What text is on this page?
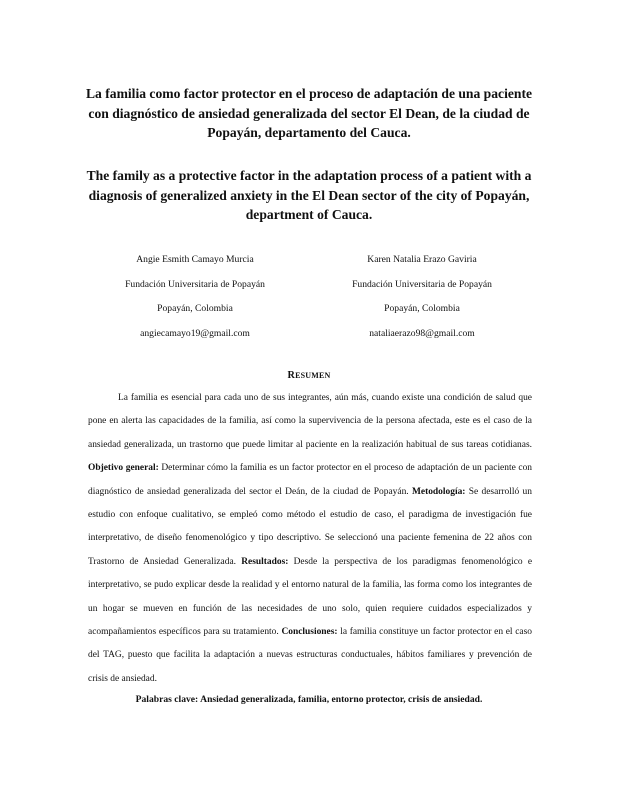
La familia como factor protector en el proceso de adaptación de una paciente con diagnóstico de ansiedad generalizada del sector El Dean, de la ciudad de Popayán, departamento del Cauca.
The family as a protective factor in the adaptation process of a patient with a diagnosis of generalized anxiety in the El Dean sector of the city of Popayán, department of Cauca.
Angie Esmith Camayo Murcia
Fundación Universitaria de Popayán
Popayán, Colombia
angiecamayo19@gmail.com
Karen Natalia Erazo Gaviria
Fundación Universitaria de Popayán
Popayán, Colombia
nataliaerazo98@gmail.com
RESUMEN

La familia es esencial para cada uno de sus integrantes, aún más, cuando existe una condición de salud que pone en alerta las capacidades de la familia, así como la supervivencia de la persona afectada, este es el caso de la ansiedad generalizada, un trastorno que puede limitar al paciente en la realización habitual de sus tareas cotidianas. Objetivo general: Determinar cómo la familia es un factor protector en el proceso de adaptación de un paciente con diagnóstico de ansiedad generalizada del sector el Deán, de la ciudad de Popayán. Metodología: Se desarrolló un estudio con enfoque cualitativo, se empleó como método el estudio de caso, el paradigma de investigación fue interpretativo, de diseño fenomenológico y tipo descriptivo. Se seleccionó una paciente femenina de 22 años con Trastorno de Ansiedad Generalizada. Resultados: Desde la perspectiva de los paradigmas fenomenológico e interpretativo, se pudo explicar desde la realidad y el entorno natural de la familia, las forma como los integrantes de un hogar se mueven en función de las necesidades de uno solo, quien requiere cuidados especializados y acompañamientos específicos para su tratamiento. Conclusiones: la familia constituye un factor protector en el caso del TAG, puesto que facilita la adaptación a nuevas estructuras conductuales, hábitos familiares y prevención de crisis de ansiedad.

Palabras clave: Ansiedad generalizada, familia, entorno protector, crisis de ansiedad.
